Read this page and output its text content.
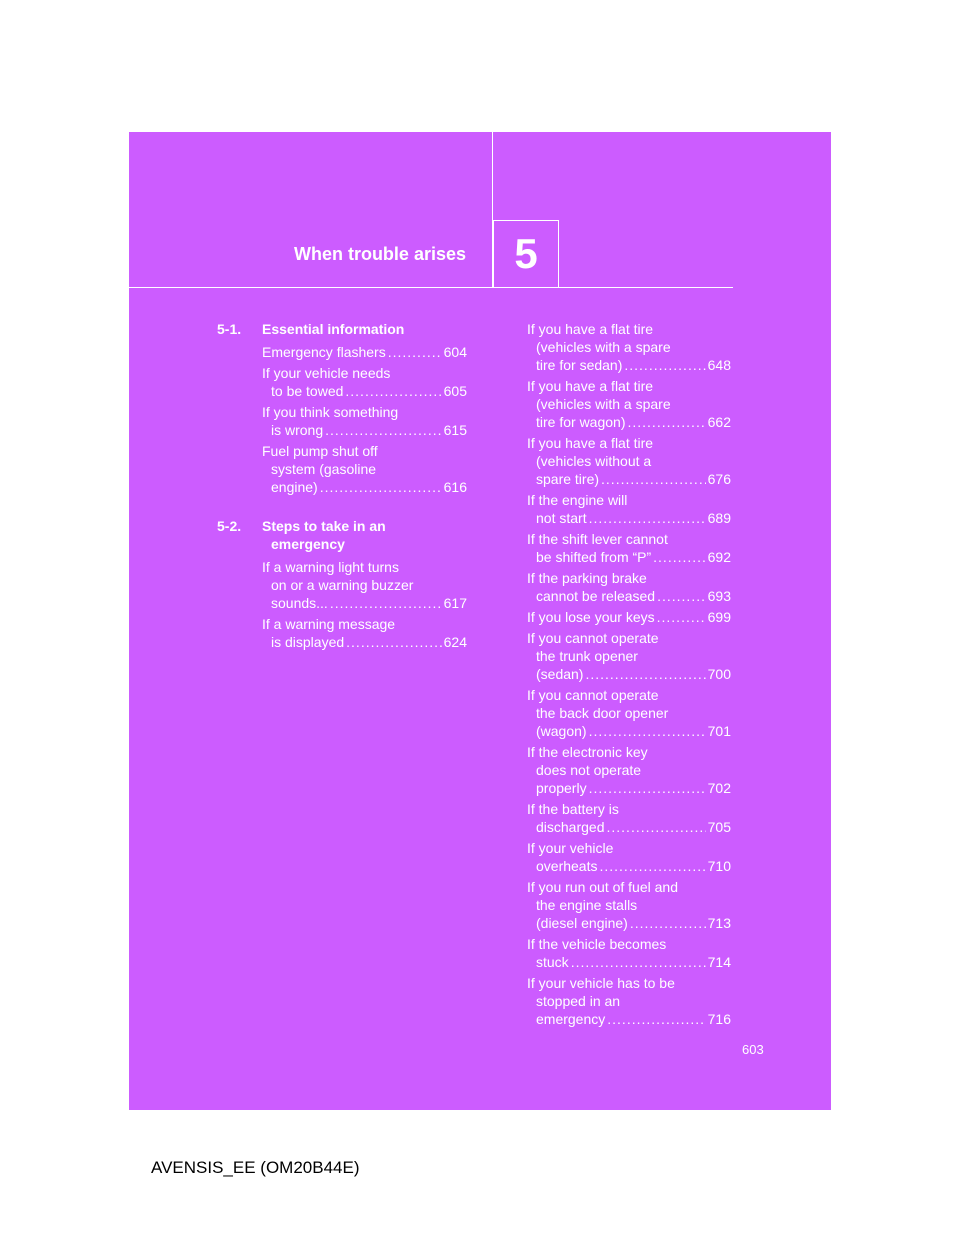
When trouble arises 5
5-1.	Essential information
Emergency flashers .....	604
If your vehicle needs
to be towed .....	605
If you think something
is wrong .....	615
Fuel pump shut off
system (gasoline
engine) .....	616
5-2.	Steps to take in an
emergency
If a warning light turns
on or a warning buzzer
sounds... .....	617
If a warning message
is displayed .....	624
If you have a flat tire
(vehicles with a spare
tire for sedan) .....	648
If you have a flat tire
(vehicles with a spare
tire for wagon) .....	662
If you have a flat tire
(vehicles without a
spare tire) .....	676
If the engine will
not start .....	689
If the shift lever cannot
be shifted from “P” .....	692
If the parking brake
cannot be released .....	693
If you lose your keys .....	699
If you cannot operate
the trunk opener
(sedan) .....	700
If you cannot operate
the back door opener
(wagon) .....	701
If the electronic key
does not operate
properly .....	702
If the battery is
discharged .....	705
If your vehicle
overheats .....	710
If you run out of fuel and
the engine stalls
(diesel engine) .....	713
If the vehicle becomes
stuck .....	714
If your vehicle has to be
stopped in an
emergency .....	716
603
AVENSIS_EE (OM20B44E)
